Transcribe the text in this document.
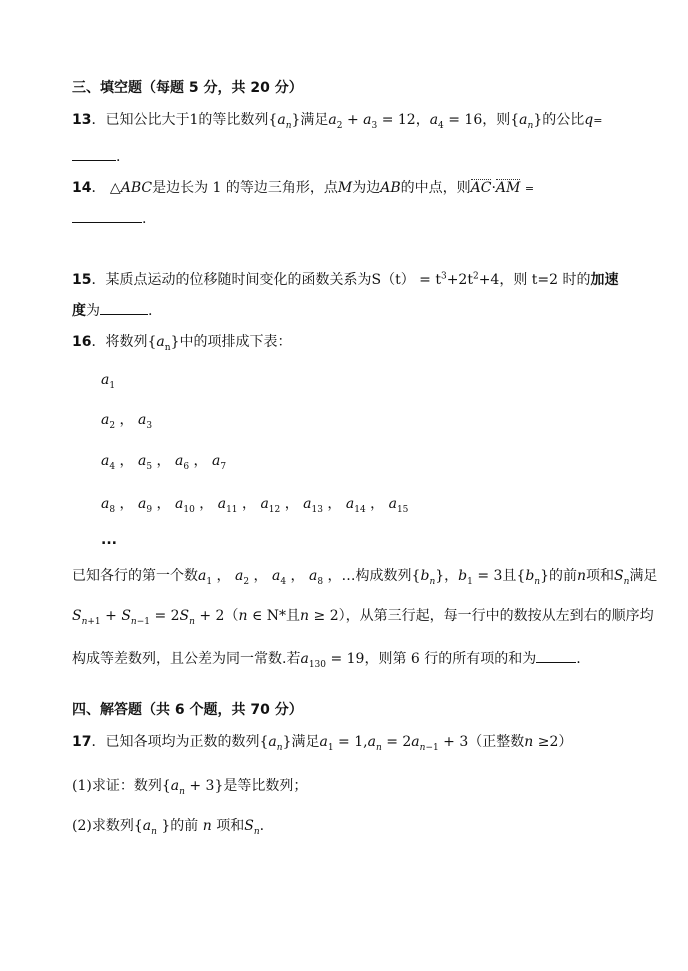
三、填空题（每题 5 分，共 20 分）
13．已知公比大于1的等比数列$\{a_n\}$满足$a_2 + a_3 = 12$，$a_4 = 16$，则$\{a_n\}$的公比q=
.
14． △ABC是边长为 1 的等边三角形，点M为边AB的中点，则AC·AM =
.
15．某质点运动的位移随时间变化的函数关系为$S(t) = t^3+2t^2+4$，则 t=2 时的加速
度为	.
16．将数列$\{a_n\}$中的项排成下表：
$a_1$
$a_2$ ， $a_3$
$a_4$ ， $a_5$ ， $a_6$ ， $a_7$
$a_8$ ， $a_9$ ， $a_{10}$ ， $a_{11}$ ， $a_{12}$ ， $a_{13}$ ， $a_{14}$ ， $a_{15}$
...
已知各行的第一个数$a_1$ ， $a_2$ ， $a_4$ ， $a_8$ ，…构成数列$\{b_n\}$，$b_1 = 3$且$\{b_n\}$的前n项和$S_n$满足
$S_{n+1} + S_{n-1} = 2S_n + 2(n$ ∈ N*且n ≥ 2），从第三行起，每一行中的数按从左到右的顺序均
构成等差数列，且公差为同一常数.若$a_{130} = 19$，则第 6 行的所有项的和为	.
四、解答题（共 6 个题，共 70 分）
17．已知各项均为正数的数列$\{a_n\}$满足$a_1 = 1,a_n = 2a_{n-1} + 3$（正整数n ≥2）
(1)求证：数列$\{a_n + 3\}$是等比数列；
(2)求数列{$a_n$ }的前 n 项和$S_n$.
